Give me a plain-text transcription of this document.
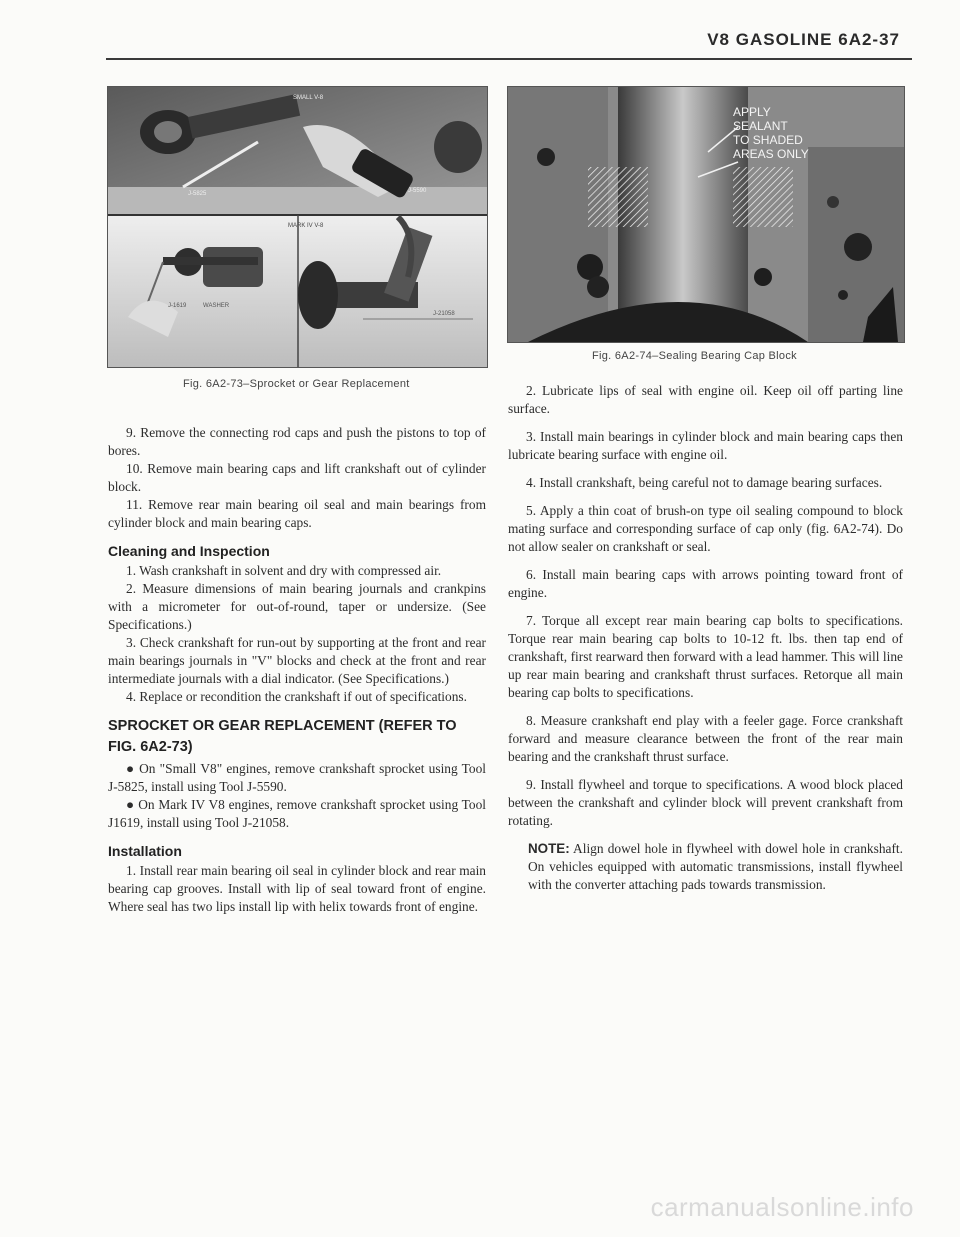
V8 GASOLINE 6A2-37
SMALL V-8
J-5825	J-5590
MARK IV V-8
J-1619	WASHER
J-21058
Fig. 6A2-73–Sprocket or Gear Replacement
APPLY
SEALANT
TO SHADED
AREAS ONLY
Fig. 6A2-74–Sealing Bearing Cap Block

9. Remove the connecting rod caps and push the pistons to top of bores.

10. Remove main bearing caps and lift crankshaft out of cylinder block.

11. Remove rear main bearing oil seal and main bearings from cylinder block and main bearing caps.

Cleaning and Inspection

1. Wash crankshaft in solvent and dry with compressed air.

2. Measure dimensions of main bearing journals and crankpins with a micrometer for out-of-round, taper or undersize. (See Specifications.)

3. Check crankshaft for run-out by supporting at the front and rear main bearings journals in "V" blocks and check at the front and rear intermediate journals with a dial indicator. (See Specifications.)

4. Replace or recondition the crankshaft if out of specifications.

SPROCKET OR GEAR REPLACEMENT (REFER TO FIG. 6A2-73)

● On "Small V8" engines, remove crankshaft sprocket using Tool J-5825, install using Tool J-5590.

● On Mark IV V8 engines, remove crankshaft sprocket using Tool J1619, install using Tool J-21058.

Installation

1. Install rear main bearing oil seal in cylinder block and rear main bearing cap grooves. Install with lip of seal toward front of engine. Where seal has two lips install lip with helix towards front of engine.

2. Lubricate lips of seal with engine oil. Keep oil off parting line surface.

3. Install main bearings in cylinder block and main bearing caps then lubricate bearing surface with engine oil.

4. Install crankshaft, being careful not to damage bearing surfaces.

5. Apply a thin coat of brush-on type oil sealing compound to block mating surface and corresponding surface of cap only (fig. 6A2-74). Do not allow sealer on crankshaft or seal.

6. Install main bearing caps with arrows pointing toward front of engine.

7. Torque all except rear main bearing cap bolts to specifications. Torque rear main bearing cap bolts to 10-12 ft. lbs. then tap end of crankshaft, first rearward then forward with a lead hammer. This will line up rear main bearing and crankshaft thrust surfaces. Retorque all main bearing cap bolts to specifications.

8. Measure crankshaft end play with a feeler gage. Force crankshaft forward and measure clearance between the front of the rear main bearing and the crankshaft thrust surface.

9. Install flywheel and torque to specifications. A wood block placed between the crankshaft and cylinder block will prevent crankshaft from rotating.

NOTE: Align dowel hole in flywheel with dowel hole in crankshaft. On vehicles equipped with automatic transmissions, install flywheel with the converter attaching pads towards transmission.
carmanualsonline.info
